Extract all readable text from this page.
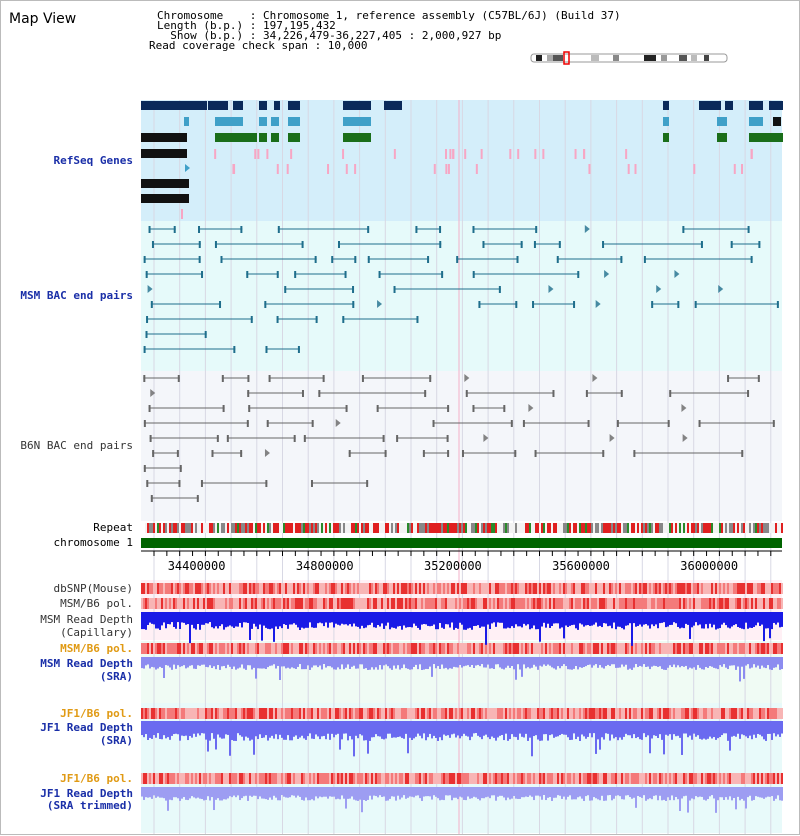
Map View	Chromosome    : Chromosome 1, reference assembly (C57BL/6J) (Build 37)
Length (b.p.) : 197,195,432
Show (b.p.) : 34,226,479-36,227,405 : 2,000,927 bp
Read coverage check span : 10,000
34400000	34800000	35200000	35600000	36000000
RefSeq Genes
MSM BAC end pairs
B6N BAC end pairs
Repeat
chromosome 1
dbSNP(Mouse)
MSM/B6 pol.
MSM Read Depth
(Capillary)
MSM/B6 pol.
MSM Read Depth
(SRA)
JF1/B6 pol.
JF1 Read Depth
(SRA)
JF1/B6 pol.
JF1 Read Depth
(SRA trimmed)
